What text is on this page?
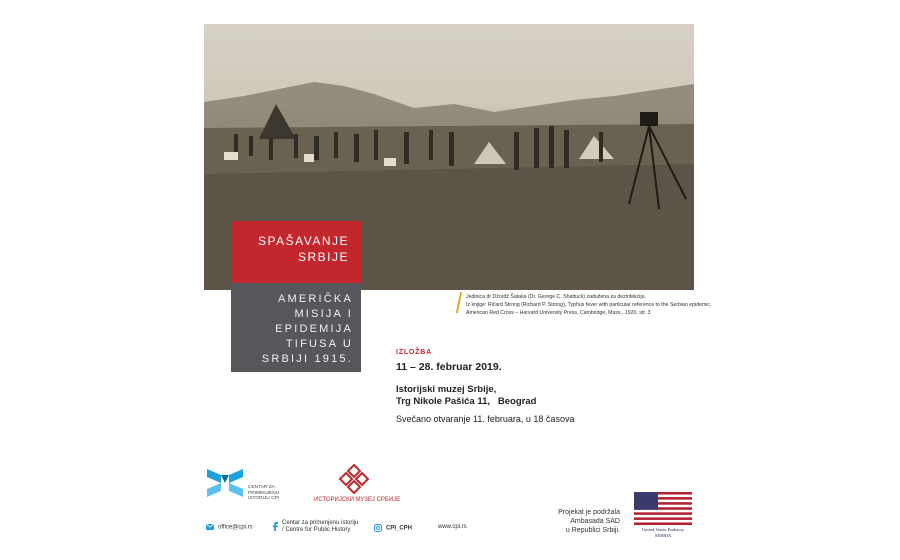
SPAŠAVANJE
SRBIJE
AMERIČKA
MISIJA I
EPIDEMIJA
TIFUSA U
SRBIJI 1915.
Jedinica dr Džordž Šataka (Dr. George C. Shattuck) zadužena za dezinfekciju,
Iz knjige: Ričard Strong (Richard P. Strong), Typhus fever with particular reference to the Serbian epidemic,
American Red Cross – Harvard University Press, Cambridge, Mass., 1920, str. 3
IZLOŽBA
11 – 28. februar 2019.
Istorijski muzej Srbije,
Trg Nikole Pašića 11,   Beograd
Svečano otvaranje 11. februara, u 18 časova
CENTAR ZA
PRIMENJENU
ISTORIJU CPI	ИСТОРИЈСКИ МУЗЕЈ СРБИЈЕ
office@cpi.rs
Centar za primenjenu istoriju
/ Centre for Public History	CPI_CPH	www.cpi.rs
Projekat je podržala
Ambasada SAD
u Republici Srbiji.	United States Embassy
SERBIA
